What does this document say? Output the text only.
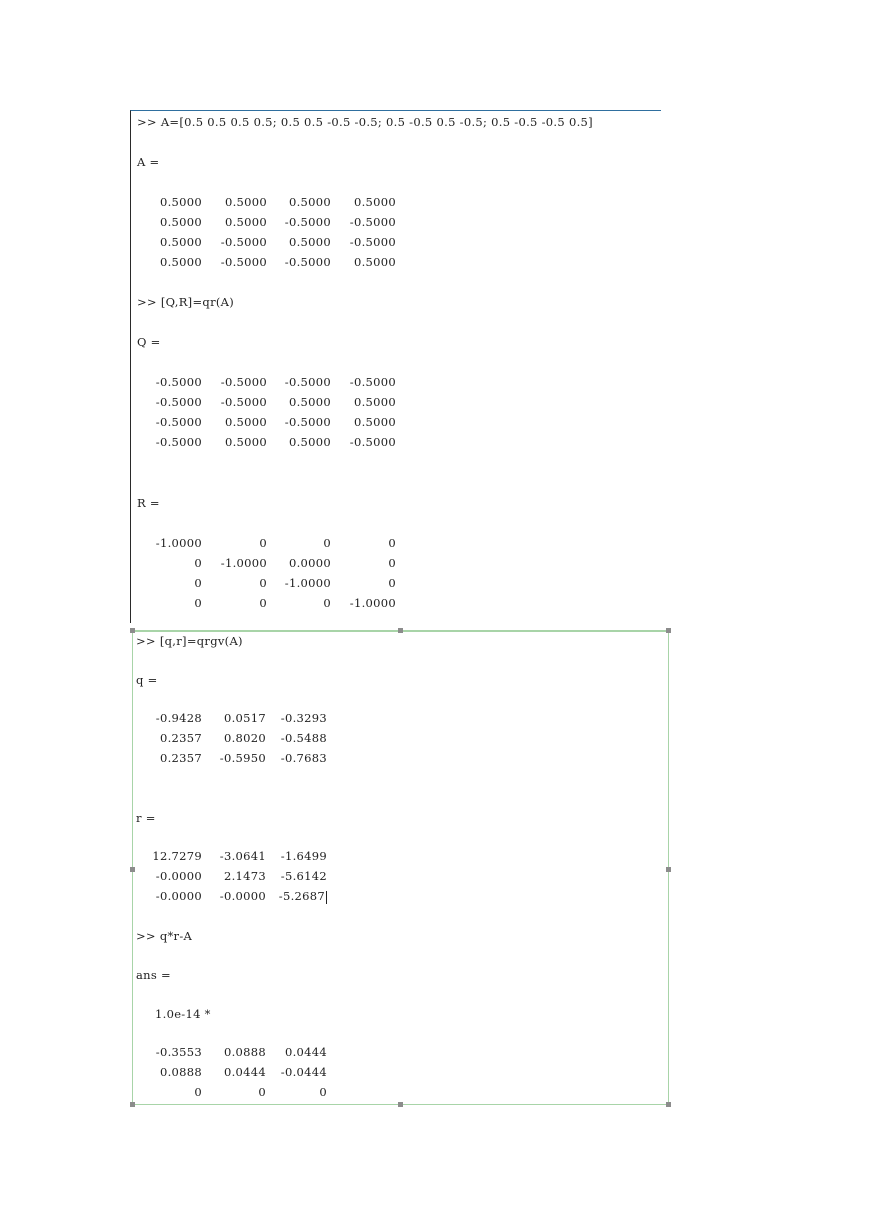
>> A=[0.5 0.5 0.5 0.5; 0.5 0.5 -0.5 -0.5; 0.5 -0.5 0.5 -0.5; 0.5 -0.5 -0.5 0.5]
A =
0.5000	0.5000	0.5000	0.5000
0.5000	0.5000	-0.5000	-0.5000
0.5000	-0.5000	0.5000	-0.5000
0.5000	-0.5000	-0.5000	0.5000
>> [Q,R]=qr(A)
Q =
-0.5000	-0.5000	-0.5000	-0.5000
-0.5000	-0.5000	0.5000	0.5000
-0.5000	0.5000	-0.5000	0.5000
-0.5000	0.5000	0.5000	-0.5000
R =
-1.0000	0	0	0
0	-1.0000	0.0000	0
0	0	-1.0000	0
0	0	0	-1.0000
>> [q,r]=qrgv(A)
q =
-0.9428	0.0517	-0.3293
0.2357	0.8020	-0.5488
0.2357	-0.5950	-0.7683
r =
12.7279	-3.0641	-1.6499
-0.0000	2.1473	-5.6142
-0.0000	-0.0000	-5.2687
>> q*r-A
ans =
1.0e-14 *
-0.3553	0.0888	0.0444
0.0888	0.0444	-0.0444
0	0	0
